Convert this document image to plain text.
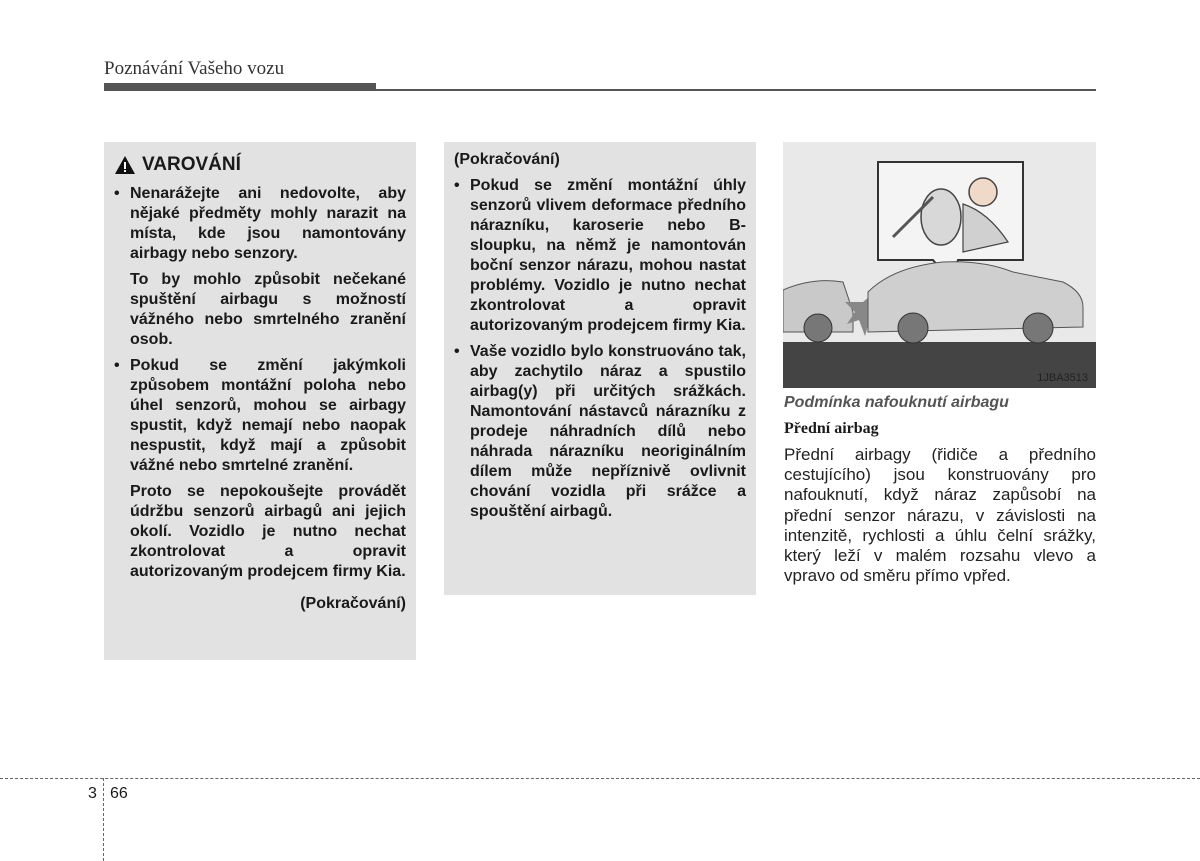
Poznávání Vašeho vozu
VAROVÁNÍ
• Nenarážejte ani nedovolte, aby nějaké předměty mohly narazit na místa, kde jsou namontovány airbagy nebo senzory.

To by mohlo způsobit nečekané spuštění airbagu s možností vážného nebo smrtelného zranění osob.

• Pokud se změní jakýmkoli způsobem montážní poloha nebo úhel senzorů, mohou se airbagy spustit, když nemají nebo naopak nespustit, když mají a způsobit vážné nebo smrtelné zranění.

Proto se nepokoušejte provádět údržbu senzorů airbagů ani jejich okolí. Vozidlo je nutno nechat zkontrolovat a opravit autorizovaným prodejcem firmy Kia.

(Pokračování)
(Pokračování)
• Pokud se změní montážní úhly senzorů vlivem deformace předního nárazníku, karoserie nebo B-sloupku, na němž je namontován boční senzor nárazu, mohou nastat problémy. Vozidlo je nutno nechat zkontrolovat a opravit autorizovaným prodejcem firmy Kia.
• Vaše vozidlo bylo konstruováno tak, aby zachytilo náraz a spustilo airbag(y) při určitých srážkách. Namontování nástavců nárazníku z prodeje náhradních dílů nebo náhrada nárazníku neoriginálním dílem může nepříznivě ovlivnit chování vozidla při srážce a spouštění airbagů.
1JBA3513
Podmínka nafouknutí airbagu
Přední airbag
Přední airbagy (řidiče a předního cestujícího) jsou konstruovány pro nafouknutí, když náraz zapůsobí na přední senzor nárazu, v závislosti na intenzitě, rychlosti a úhlu čelní srážky, který leží v malém rozsahu vlevo a vpravo od směru přímo vpřed.
3 66
